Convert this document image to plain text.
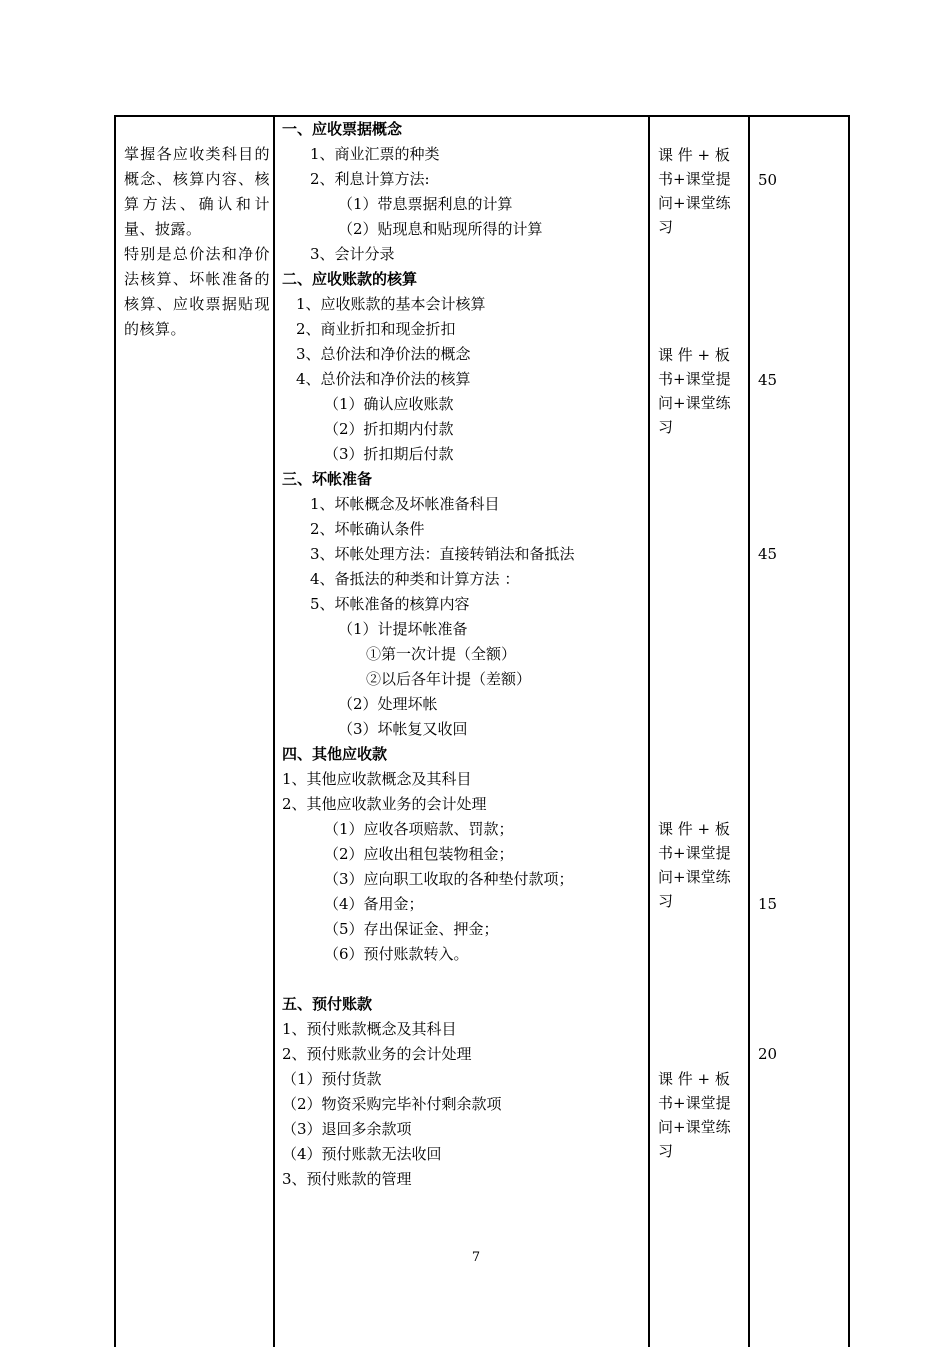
掌握各应收类科目的概念、核算内容、核算方法、确认和计量、披露。
特别是总价法和净价法核算、坏帐准备的核算、应收票据贴现的核算。
一、应收票据概念
1、商业汇票的种类
2、利息计算方法:
（1）带息票据利息的计算
（2）贴现息和贴现所得的计算
3、会计分录
二、应收账款的核算
1、应收账款的基本会计核算
2、商业折扣和现金折扣
3、总价法和净价法的概念
4、总价法和净价法的核算
（1）确认应收账款
（2）折扣期内付款
（3）折扣期后付款
三、坏帐准备
1、坏帐概念及坏帐准备科目
2、坏帐确认条件
3、坏帐处理方法：直接转销法和备抵法
4、备抵法的种类和计算方法 ：
5、坏帐准备的核算内容
（1）计提坏帐准备
①第一次计提（全额）
②以后各年计提（差额）
（2）处理坏帐
（3）坏帐复又收回
四、其他应收款
1、其他应收款概念及其科目
2、其他应收款业务的会计处理
（1）应收各项赔款、罚款；
（2）应收出租包装物租金；
（3）应向职工收取的各种垫付款项；
（4）备用金；
（5）存出保证金、押金；
（6）预付账款转入。
五、预付账款
1、预付账款概念及其科目
2、预付账款业务的会计处理
（1）预付货款
（2）物资采购完毕补付剩余款项
（3）退回多余款项
（4）预付账款无法收回
3、预付账款的管理
课 件 + 板
书+课堂提
问+课堂练
习
课 件 + 板
书+课堂提
问+课堂练
习
课 件 + 板
书+课堂提
问+课堂练
习
课 件 + 板
书+课堂提
问+课堂练
习
50
45
45
15
20
7
